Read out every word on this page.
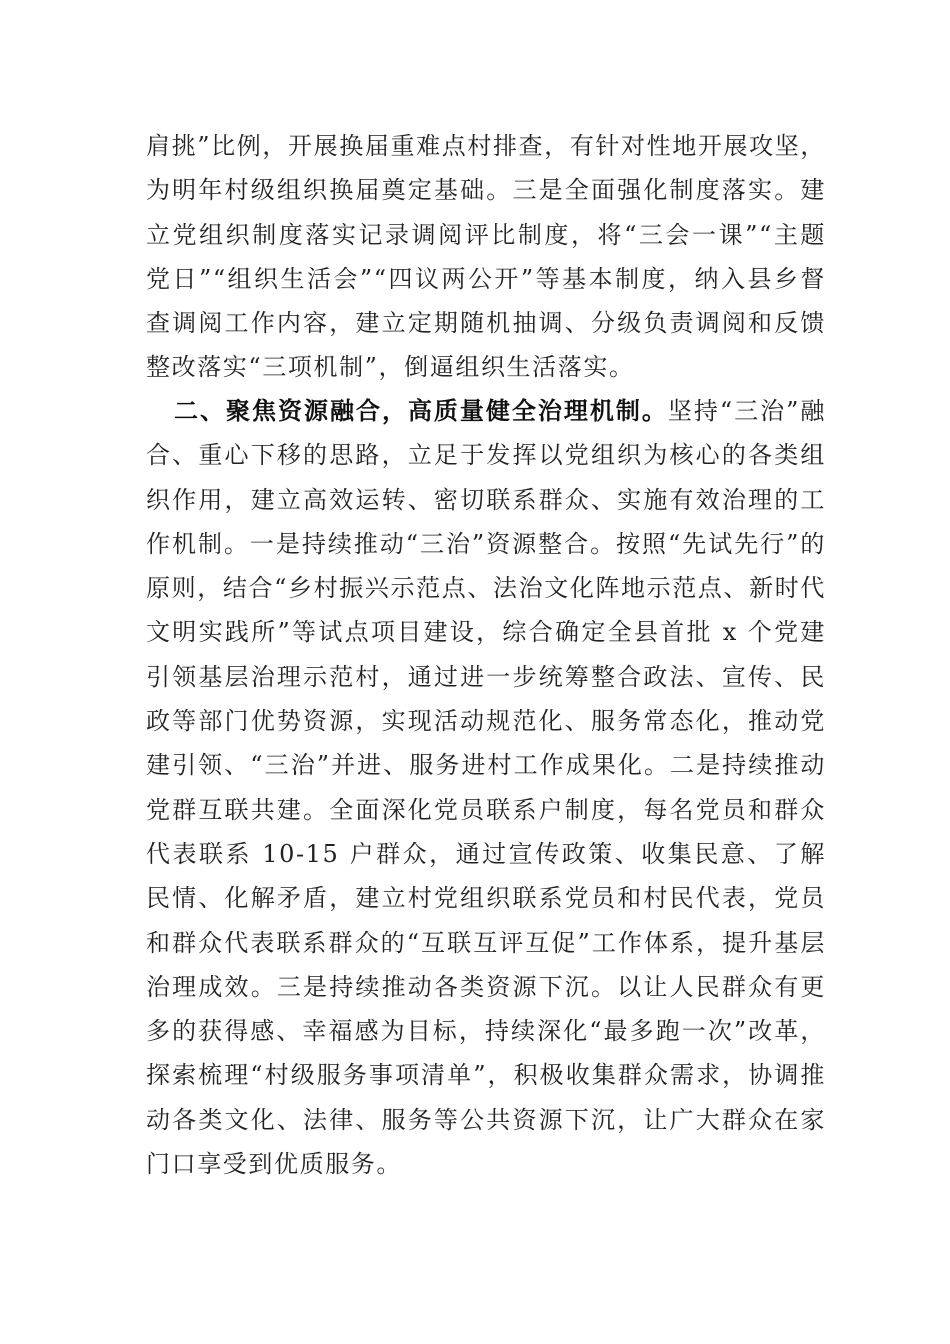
肩挑”比例，开展换届重难点村排查，有针对性地开展攻坚，为明年村级组织换届奠定基础。三是全面强化制度落实。建立党组织制度落实记录调阅评比制度，将“三会一课”“主题党日”“组织生活会”“四议两公开”等基本制度，纳入县乡督查调阅工作内容，建立定期随机抽调、分级负责调阅和反馈整改落实“三项机制”，倒逼组织生活落实。

二、聚焦资源融合，高质量健全治理机制。坚持“三治”融合、重心下移的思路，立足于发挥以党组织为核心的各类组织作用，建立高效运转、密切联系群众、实施有效治理的工作机制。一是持续推动“三治”资源整合。按照“先试先行”的原则，结合“乡村振兴示范点、法治文化阵地示范点、新时代文明实践所”等试点项目建设，综合确定全县首批 x 个党建引领基层治理示范村，通过进一步统筹整合政法、宣传、民政等部门优势资源，实现活动规范化、服务常态化，推动党建引领、“三治”并进、服务进村工作成果化。二是持续推动党群互联共建。全面深化党员联系户制度，每名党员和群众代表联系 10-15 户群众，通过宣传政策、收集民意、了解民情、化解矛盾，建立村党组织联系党员和村民代表，党员和群众代表联系群众的“互联互评互促”工作体系，提升基层治理成效。三是持续推动各类资源下沉。以让人民群众有更多的获得感、幸福感为目标，持续深化“最多跑一次”改革，探索梳理“村级服务事项清单”，积极收集群众需求，协调推动各类文化、法律、服务等公共资源下沉，让广大群众在家门口享受到优质服务。
